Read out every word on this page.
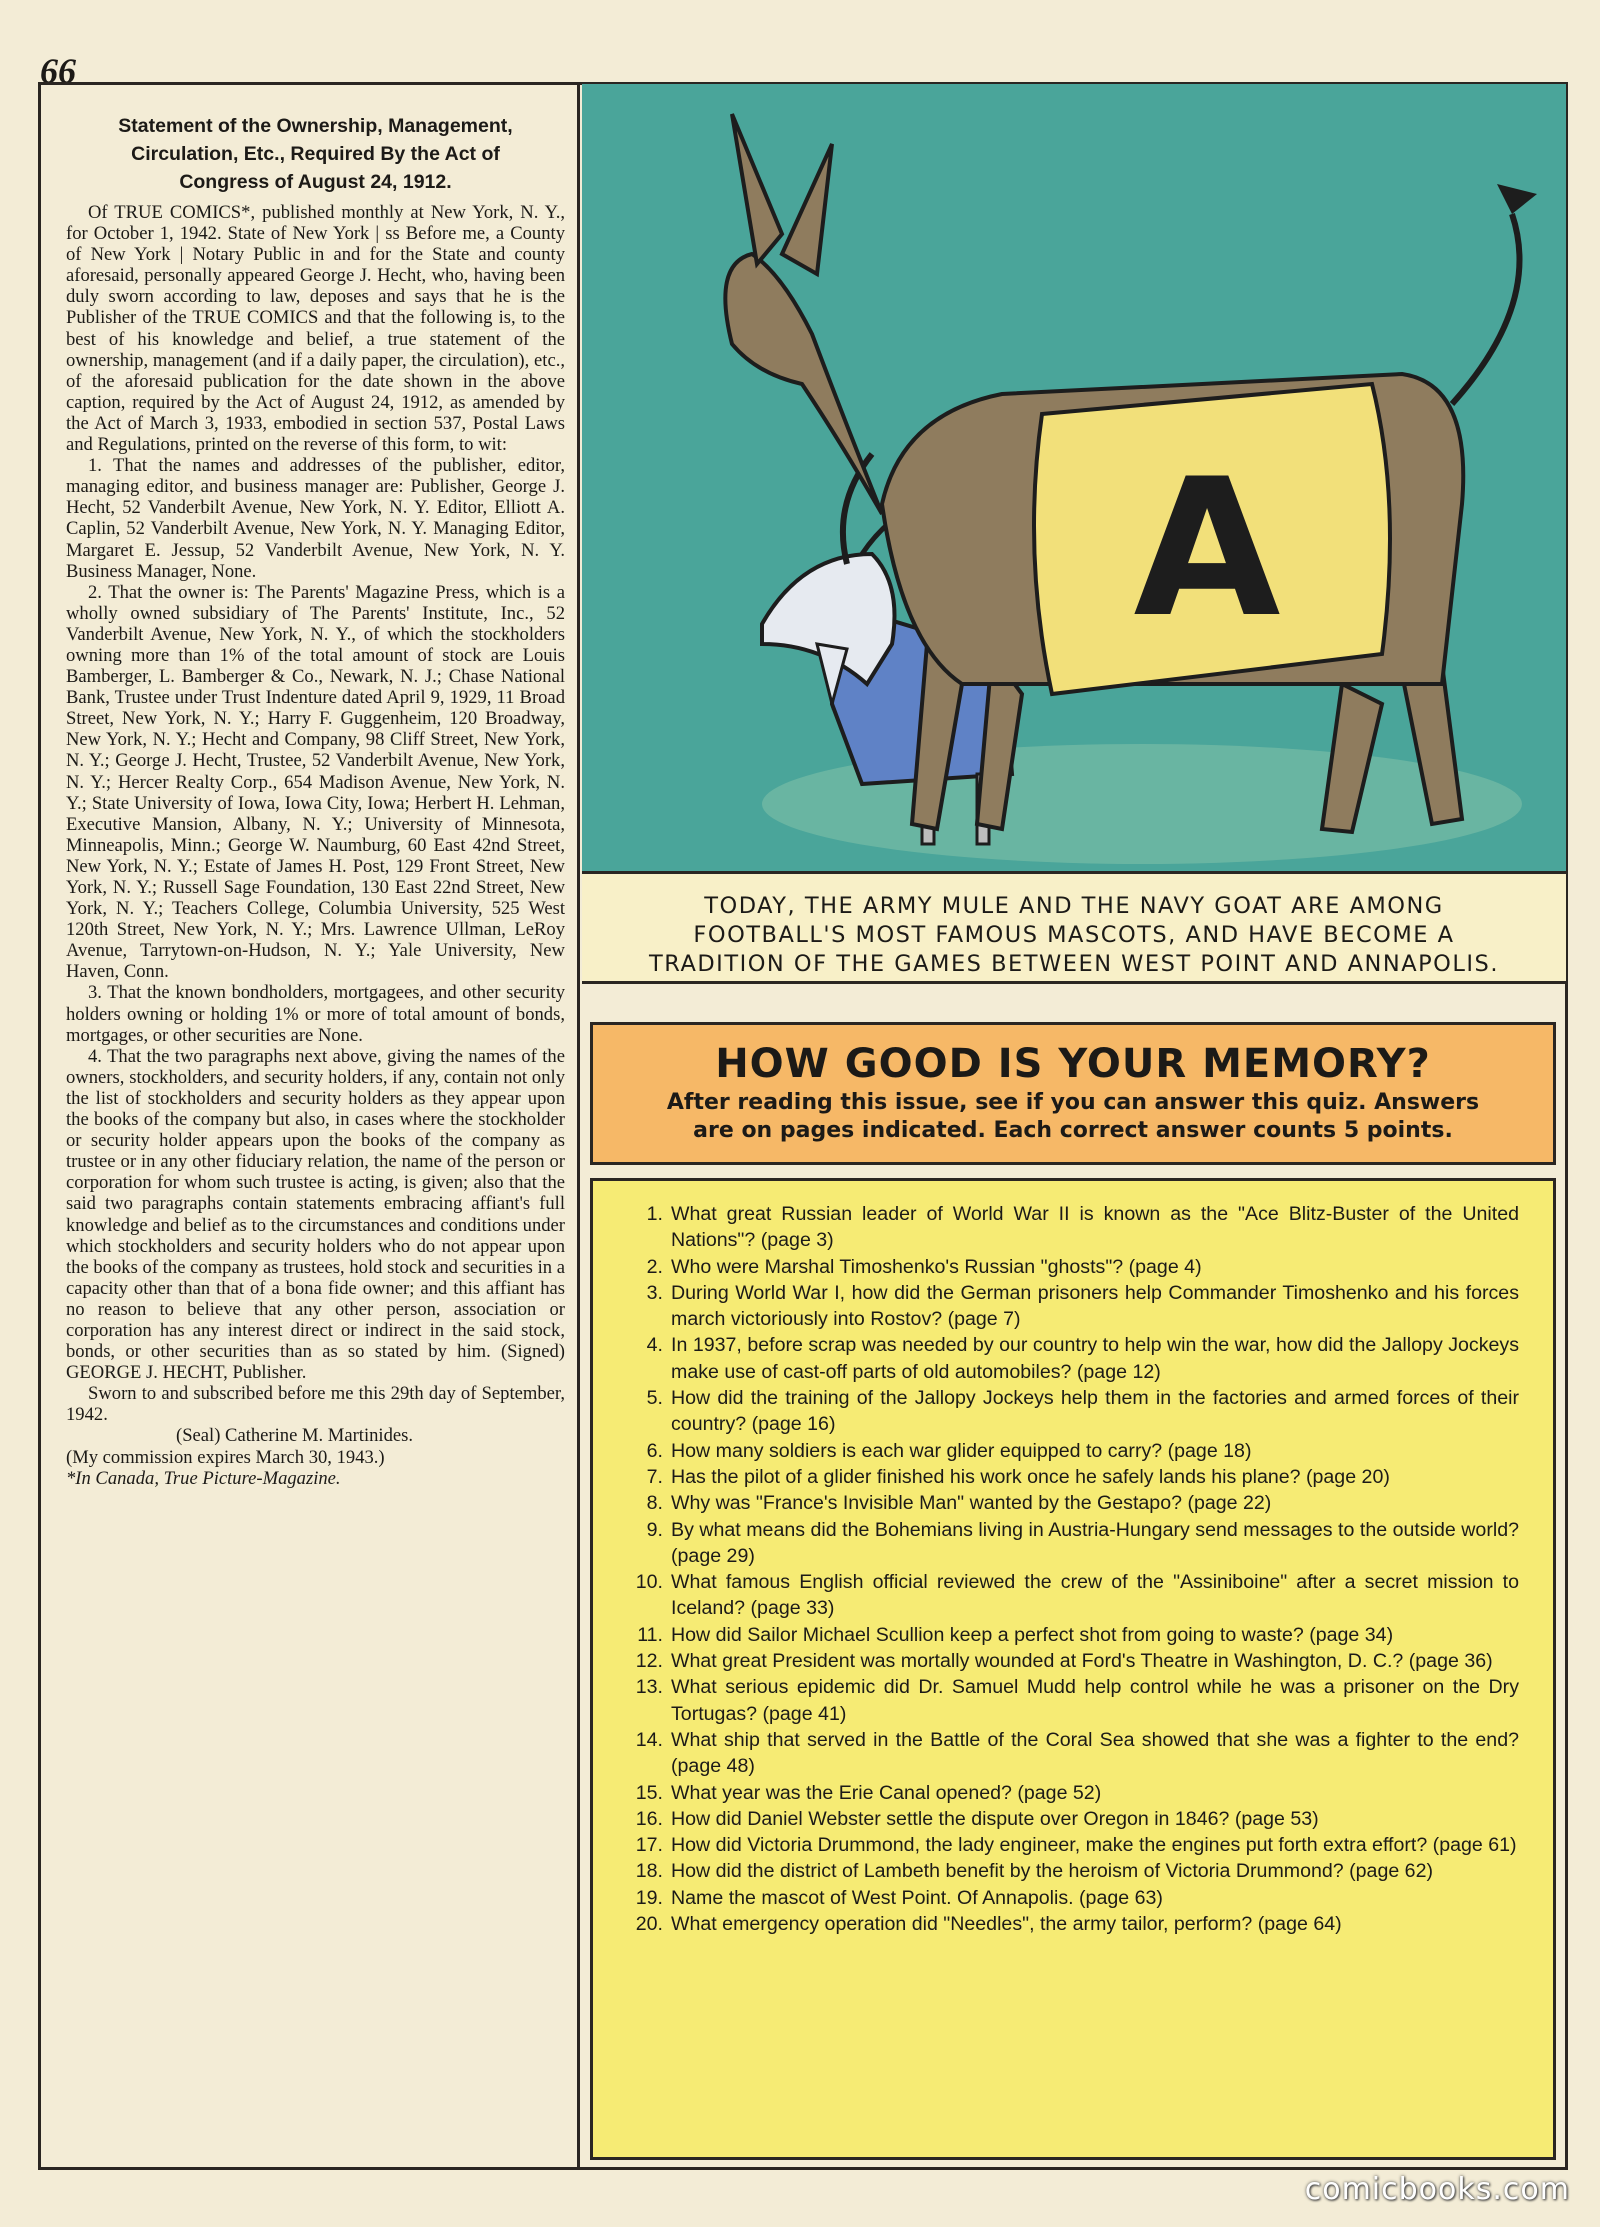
66
Statement of the Ownership, Management,
Circulation, Etc., Required By the Act of
Congress of August 24, 1912.

Of TRUE COMICS*, published monthly at New York, N. Y., for October 1, 1942. State of New York | ss Before me, a County of New York | Notary Public in and for the State and county aforesaid, personally appeared George J. Hecht, who, having been duly sworn according to law, deposes and says that he is the Publisher of the TRUE COMICS and that the following is, to the best of his knowledge and belief, a true statement of the ownership, management (and if a daily paper, the circulation), etc., of the aforesaid publication for the date shown in the above caption, required by the Act of August 24, 1912, as amended by the Act of March 3, 1933, embodied in section 537, Postal Laws and Regulations, printed on the reverse of this form, to wit:

1. That the names and addresses of the publisher, editor, managing editor, and business manager are: Publisher, George J. Hecht, 52 Vanderbilt Avenue, New York, N. Y. Editor, Elliott A. Caplin, 52 Vanderbilt Avenue, New York, N. Y. Managing Editor, Margaret E. Jessup, 52 Vanderbilt Avenue, New York, N. Y. Business Manager, None.

2. That the owner is: The Parents' Magazine Press, which is a wholly owned subsidiary of The Parents' Institute, Inc., 52 Vanderbilt Avenue, New York, N. Y., of which the stockholders owning more than 1% of the total amount of stock are Louis Bamberger, L. Bamberger & Co., Newark, N. J.; Chase National Bank, Trustee under Trust Indenture dated April 9, 1929, 11 Broad Street, New York, N. Y.; Harry F. Guggenheim, 120 Broadway, New York, N. Y.; Hecht and Company, 98 Cliff Street, New York, N. Y.; George J. Hecht, Trustee, 52 Vanderbilt Avenue, New York, N. Y.; Hercer Realty Corp., 654 Madison Avenue, New York, N. Y.; State University of Iowa, Iowa City, Iowa; Herbert H. Lehman, Executive Mansion, Albany, N. Y.; University of Minnesota, Minneapolis, Minn.; George W. Naumburg, 60 East 42nd Street, New York, N. Y.; Estate of James H. Post, 129 Front Street, New York, N. Y.; Russell Sage Foundation, 130 East 22nd Street, New York, N. Y.; Teachers College, Columbia University, 525 West 120th Street, New York, N. Y.; Mrs. Lawrence Ullman, LeRoy Avenue, Tarrytown-on-Hudson, N. Y.; Yale University, New Haven, Conn.

3. That the known bondholders, mortgagees, and other security holders owning or holding 1% or more of total amount of bonds, mortgages, or other securities are None.

4. That the two paragraphs next above, giving the names of the owners, stockholders, and security holders, if any, contain not only the list of stockholders and security holders as they appear upon the books of the company but also, in cases where the stockholder or security holder appears upon the books of the company as trustee or in any other fiduciary relation, the name of the person or corporation for whom such trustee is acting, is given; also that the said two paragraphs contain statements embracing affiant's full knowledge and belief as to the circumstances and conditions under which stockholders and security holders who do not appear upon the books of the company as trustees, hold stock and securities in a capacity other than that of a bona fide owner; and this affiant has no reason to believe that any other person, association or corporation has any interest direct or indirect in the said stock, bonds, or other securities than as so stated by him. (Signed) GEORGE J. HECHT, Publisher.

Sworn to and subscribed before me this 29th day of September, 1942.

(Seal) Catherine M. Martinides.

(My commission expires March 30, 1943.)

*In Canada, True Picture-Magazine.

A
TODAY, THE ARMY MULE AND THE NAVY GOAT ARE AMONG
FOOTBALL'S MOST FAMOUS MASCOTS, AND HAVE BECOME A
TRADITION OF THE GAMES BETWEEN WEST POINT AND ANNAPOLIS.
HOW GOOD IS YOUR MEMORY?
After reading this issue, see if you can answer this quiz. Answers
are on pages indicated. Each correct answer counts 5 points.
1. What great Russian leader of World War II is known as the "Ace Blitz-Buster of the United Nations"? (page 3)
2. Who were Marshal Timoshenko's Russian "ghosts"? (page 4)
3. During World War I, how did the German prisoners help Commander Timoshenko and his forces march victoriously into Rostov? (page 7)
4. In 1937, before scrap was needed by our country to help win the war, how did the Jallopy Jockeys make use of cast-off parts of old automobiles? (page 12)
5. How did the training of the Jallopy Jockeys help them in the factories and armed forces of their country? (page 16)
6. How many soldiers is each war glider equipped to carry? (page 18)
7. Has the pilot of a glider finished his work once he safely lands his plane? (page 20)
8. Why was "France's Invisible Man" wanted by the Gestapo? (page 22)
9. By what means did the Bohemians living in Austria-Hungary send messages to the outside world? (page 29)
10. What famous English official reviewed the crew of the "Assiniboine" after a secret mission to Iceland? (page 33)
11. How did Sailor Michael Scullion keep a perfect shot from going to waste? (page 34)
12. What great President was mortally wounded at Ford's Theatre in Washington, D. C.? (page 36)
13. What serious epidemic did Dr. Samuel Mudd help control while he was a prisoner on the Dry Tortugas? (page 41)
14. What ship that served in the Battle of the Coral Sea showed that she was a fighter to the end? (page 48)
15. What year was the Erie Canal opened? (page 52)
16. How did Daniel Webster settle the dispute over Oregon in 1846? (page 53)
17. How did Victoria Drummond, the lady engineer, make the engines put forth extra effort? (page 61)
18. How did the district of Lambeth benefit by the heroism of Victoria Drummond? (page 62)
19. Name the mascot of West Point. Of Annapolis. (page 63)
20. What emergency operation did "Needles", the army tailor, perform? (page 64)
comicbooks.com
